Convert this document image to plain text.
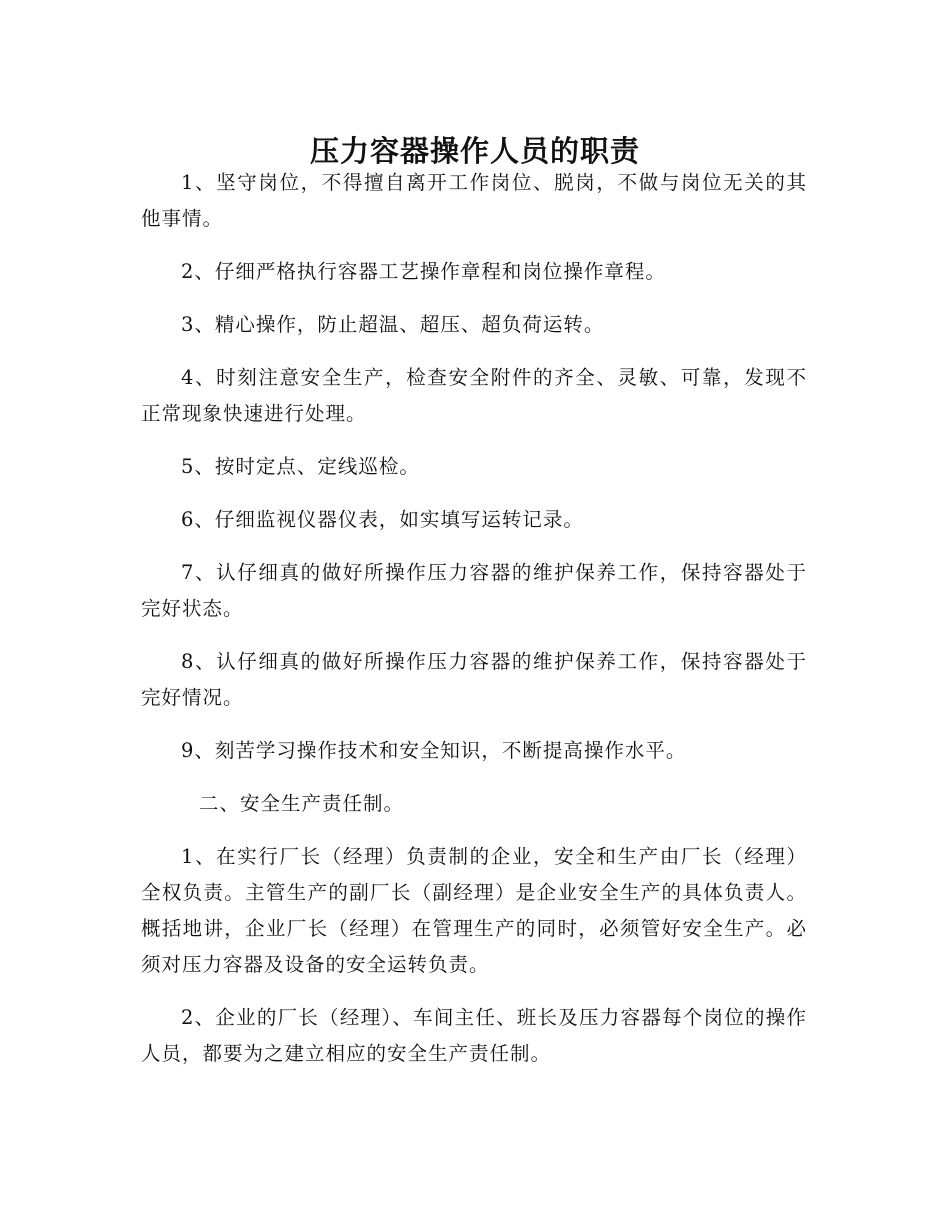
压力容器操作人员的职责

1、坚守岗位，不得擅自离开工作岗位、脱岗，不做与岗位无关的其他事情。

2、仔细严格执行容器工艺操作章程和岗位操作章程。

3、精心操作，防止超温、超压、超负荷运转。

4、时刻注意安全生产，检查安全附件的齐全、灵敏、可靠，发现不正常现象快速进行处理。

5、按时定点、定线巡检。

6、仔细监视仪器仪表，如实填写运转记录。

7、认仔细真的做好所操作压力容器的维护保养工作，保持容器处于完好状态。

8、认仔细真的做好所操作压力容器的维护保养工作，保持容器处于完好情况。

9、刻苦学习操作技术和安全知识，不断提高操作水平。

二、安全生产责任制。

1、在实行厂长（经理）负责制的企业，安全和生产由厂长（经理）全权负责。主管生产的副厂长（副经理）是企业安全生产的具体负责人。概括地讲，企业厂长（经理）在管理生产的同时，必须管好安全生产。必须对压力容器及设备的安全运转负责。

2、企业的厂长（经理）、车间主任、班长及压力容器每个岗位的操作人员，都要为之建立相应的安全生产责任制。
